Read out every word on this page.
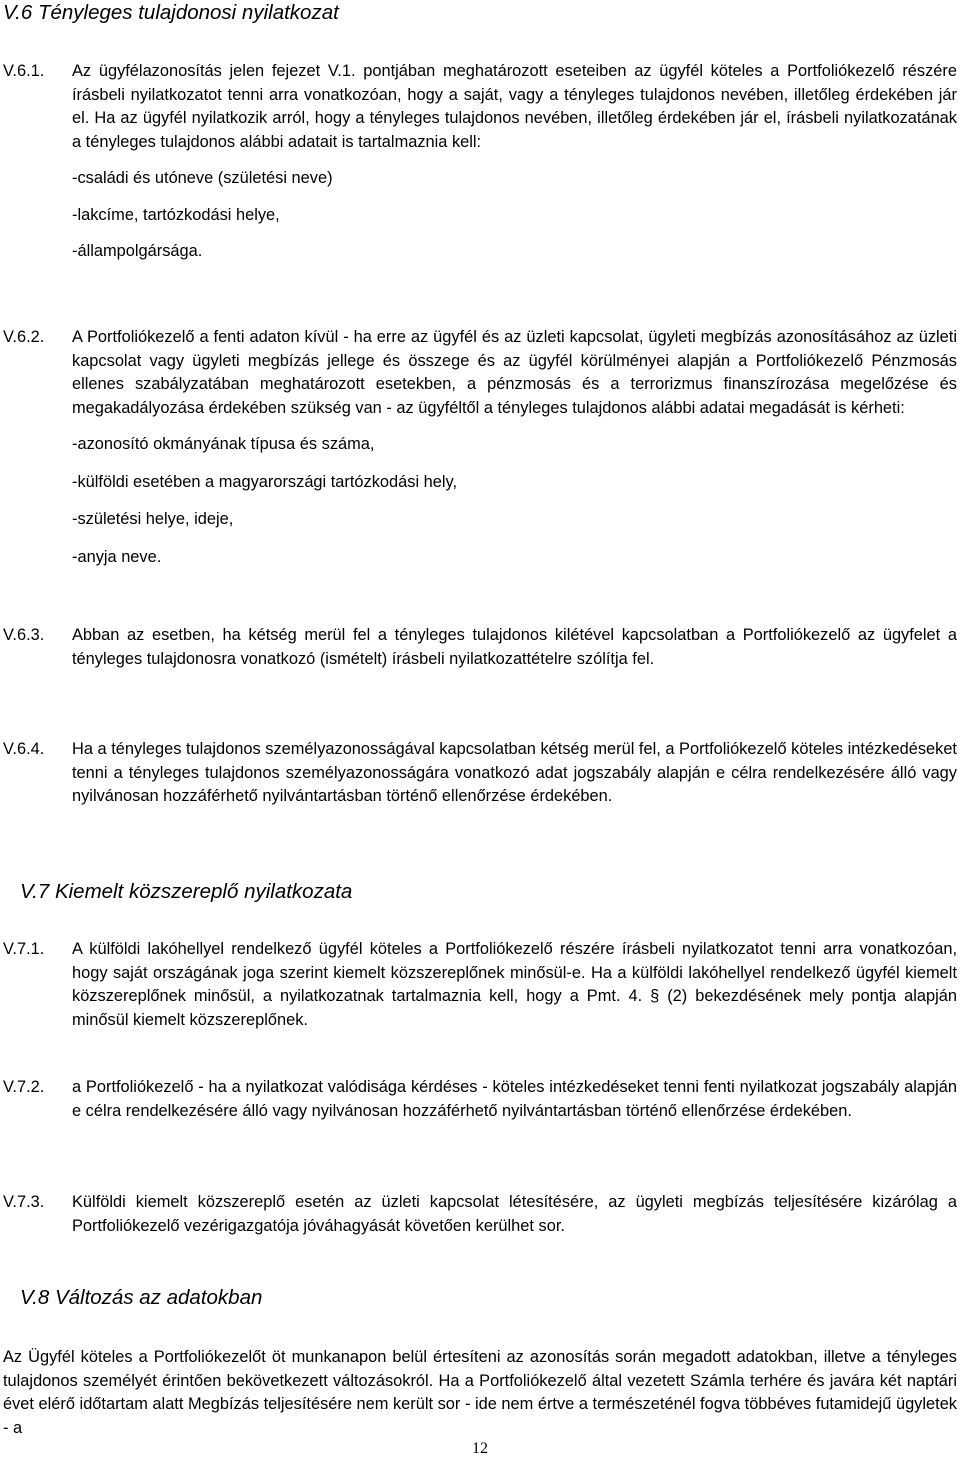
V.6 Tényleges tulajdonosi nyilatkozat
V.6.1. Az ügyfélazonosítás jelen fejezet V.1. pontjában meghatározott eseteiben az ügyfél köteles a Portfoliókezelő részére írásbeli nyilatkozatot tenni arra vonatkozóan, hogy a saját, vagy a tényleges tulajdonos nevében, illetőleg érdekében jár el. Ha az ügyfél nyilatkozik arról, hogy a tényleges tulajdonos nevében, illetőleg érdekében jár el, írásbeli nyilatkozatának a tényleges tulajdonos alábbi adatait is tartalmaznia kell:

-családi és utóneve (születési neve)
-lakcíme, tartózkodási helye,
-állampolgársága.
V.6.2. A Portfoliókezelő a fenti adaton kívül - ha erre az ügyfél és az üzleti kapcsolat, ügyleti megbízás azonosításához az üzleti kapcsolat vagy ügyleti megbízás jellege és összege és az ügyfél körülményei alapján a Portfoliókezelő Pénzmosás ellenes szabályzatában meghatározott esetekben, a pénzmosás és a terrorizmus finanszírozása megelőzése és megakadályozása érdekében szükség van - az ügyféltől a tényleges tulajdonos alábbi adatai megadását is kérheti:

-azonosító okmányának típusa és száma,
-külföldi esetében a magyarországi tartózkodási hely,
-születési helye, ideje,
-anyja neve.
V.6.3. Abban az esetben, ha kétség merül fel a tényleges tulajdonos kilétével kapcsolatban a Portfoliókezelő az ügyfelet a tényleges tulajdonosra vonatkozó (ismételt) írásbeli nyilatkozattételre szólítja fel.

V.6.4. Ha a tényleges tulajdonos személyazonosságával kapcsolatban kétség merül fel, a Portfoliókezelő köteles intézkedéseket tenni a tényleges tulajdonos személyazonosságára vonatkozó adat jogszabály alapján e célra rendelkezésére álló vagy nyilvánosan hozzáférhető nyilvántartásban történő ellenőrzése érdekében.

V.7 Kiemelt közszereplő nyilatkozata
V.7.1. A külföldi lakóhellyel rendelkező ügyfél köteles a Portfoliókezelő részére írásbeli nyilatkozatot tenni arra vonatkozóan, hogy saját országának joga szerint kiemelt közszereplőnek minősül-e. Ha a külföldi lakóhellyel rendelkező ügyfél kiemelt közszereplőnek minősül, a nyilatkozatnak tartalmaznia kell, hogy a Pmt. 4. § (2) bekezdésének mely pontja alapján minősül kiemelt közszereplőnek.

V.7.2. a Portfoliókezelő - ha a nyilatkozat valódisága kérdéses - köteles intézkedéseket tenni fenti nyilatkozat jogszabály alapján e célra rendelkezésére álló vagy nyilvánosan hozzáférhető nyilvántartásban történő ellenőrzése érdekében.

V.7.3. Külföldi kiemelt közszereplő esetén az üzleti kapcsolat létesítésére, az ügyleti megbízás teljesítésére kizárólag a Portfoliókezelő vezérigazgatója jóváhagyását követően kerülhet sor.

V.8 Változás az adatokban

Az Ügyfél köteles a Portfoliókezelőt öt munkanapon belül értesíteni az azonosítás során megadott adatokban, illetve a tényleges tulajdonos személyét érintően bekövetkezett változásokról. Ha a Portfoliókezelő által vezetett Számla terhére és javára két naptári évet elérő időtartam alatt Megbízás teljesítésére nem került sor - ide nem értve a természeténél fogva többéves futamidejű ügyletek - a

12
